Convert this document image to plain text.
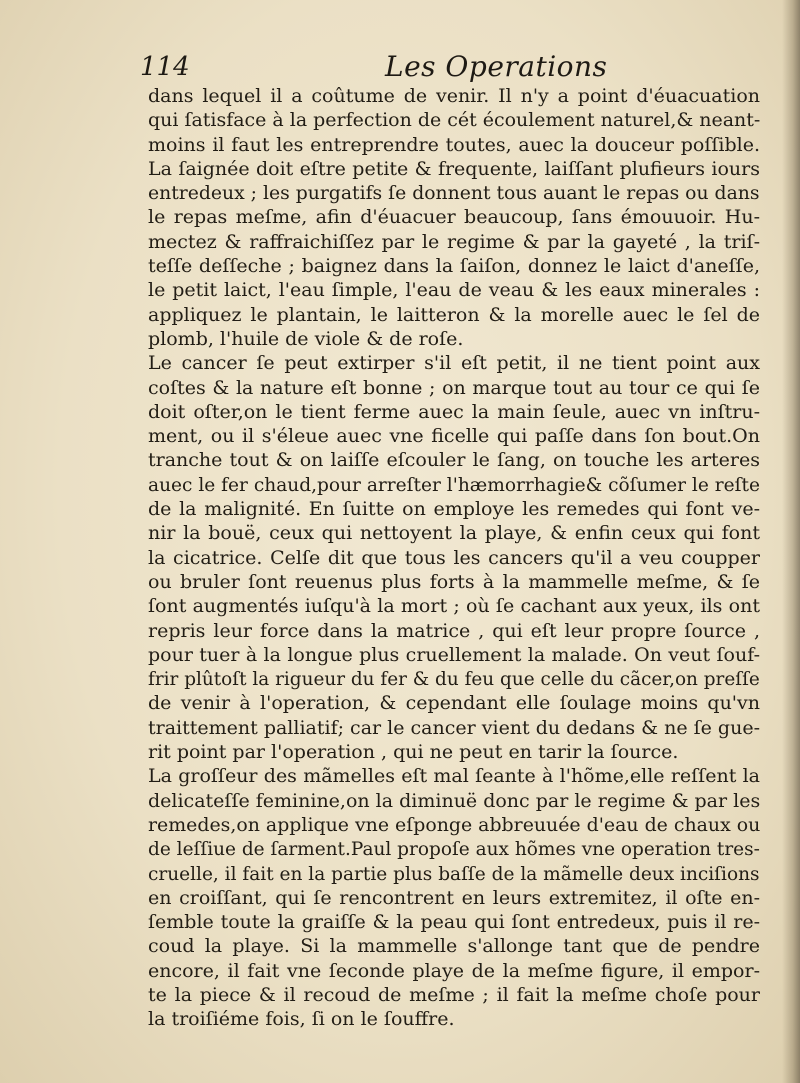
114	Les Operations
dans lequel il a coûtume de venir. Il n'y a point d'éuacuation
qui ſatisface à la perfection de cét écoulement naturel,& neant-
moins il faut les entreprendre toutes, auec la douceur poſſible.
La ſaignée doit eſtre petite & frequente, laiſſant plufieurs iours
entredeux ; les purgatifs ſe donnent tous auant le repas ou dans
le repas meſme, afin d'éuacuer beaucoup, ſans émouuoir. Hu-
mectez & raffraichiſſez par le regime & par la gayeté , la triſ-
teſſe deſſeche ; baignez dans la ſaiſon, donnez le laict d'aneſſe,
le petit laict, l'eau ſimple, l'eau de veau & les eaux minerales :
appliquez le plantain, le laitteron & la morelle auec le ſel de
plomb, l'huile de viole & de roſe.
Le cancer ſe peut extirper s'il eſt petit, il ne tient point aux
coſtes & la nature eſt bonne ; on marque tout au tour ce qui ſe
doit oſter,on le tient ferme auec la main ſeule, auec vn inſtru-
ment, ou il s'éleue auec vne ficelle qui paſſe dans ſon bout.On
tranche tout & on laiſſe eſcouler le ſang, on touche les arteres
auec le fer chaud,pour arreſter l'hæmorrhagie& cõſumer le reſte
de la malignité. En ſuitte on employe les remedes qui font ve-
nir la bouë, ceux qui nettoyent la playe, & enfin ceux qui font
la cicatrice. Celſe dit que tous les cancers qu'il a veu coupper
ou bruler ſont reuenus plus forts à la mammelle meſme, & ſe
ſont augmentés iuſqu'à la mort ; où ſe cachant aux yeux, ils ont
repris leur force dans la matrice , qui eſt leur propre ſource ,
pour tuer à la longue plus cruellement la malade. On veut ſouf-
frir plûtoſt la rigueur du fer & du feu que celle du cãcer,on preſſe
de venir à l'operation, & cependant elle ſoulage moins qu'vn
traittement palliatif; car le cancer vient du dedans & ne ſe gue-
rit point par l'operation , qui ne peut en tarir la ſource.
La groſſeur des mãmelles eſt mal ſeante à l'hõme,elle reſſent la
delicateſſe feminine,on la diminuë donc par le regime & par les
remedes,on applique vne eſponge abbreuuée d'eau de chaux ou
de leſſiue de ſarment.Paul propoſe aux hõmes vne operation tres-
cruelle, il fait en la partie plus baſſe de la mãmelle deux inciſions
en croiſſant, qui ſe rencontrent en leurs extremitez, il oſte en-
ſemble toute la graiſſe & la peau qui ſont entredeux, puis il re-
coud la playe. Si la mammelle s'allonge tant que de pendre
encore, il fait vne ſeconde playe de la meſme figure, il empor-
te la piece & il recoud de meſme ; il fait la meſme choſe pour
la troiſiéme fois, ſi on le ſouffre.
